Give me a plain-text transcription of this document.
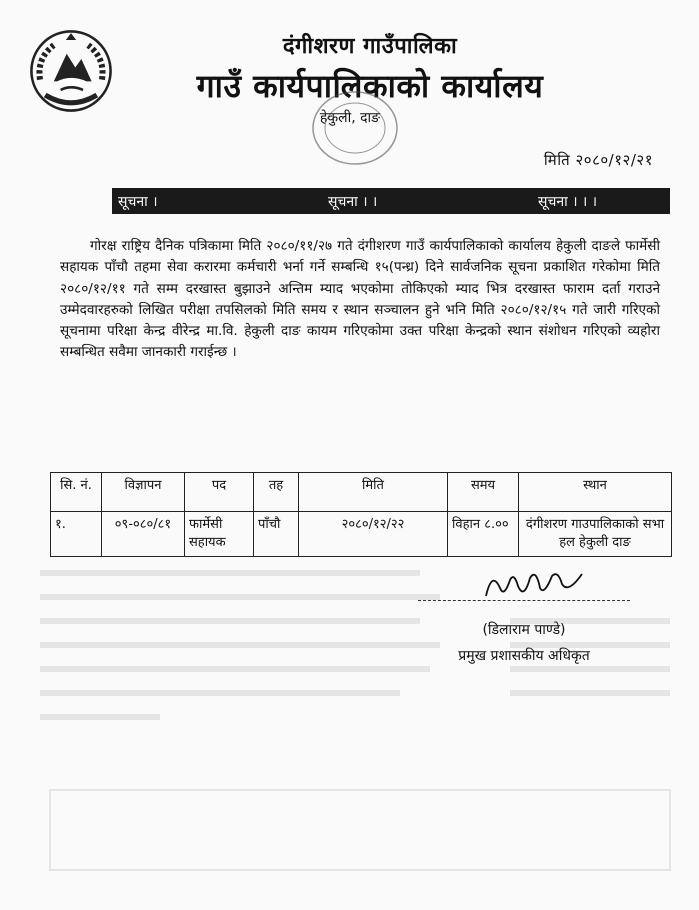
दंगीशरण गाउँपालिका
गाउँ कार्यपालिकाको कार्यालय
हेकुली, दाङ
मिति २०८०/१२/२१
सूचना ।	सूचना । ।	सूचना । । ।

गोरक्ष राष्ट्रिय दैनिक पत्रिकामा मिति २०८०/११/२७ गते दंगीशरण गाउँ कार्यपालिकाको कार्यालय हेकुली दाङले फार्मेसी सहायक पाँचौ तहमा सेवा करारमा कर्मचारी भर्ना गर्ने सम्बन्धि १५(पन्ध्र) दिने सार्वजनिक सूचना प्रकाशित गरेकोमा मिति २०८०/१२/११ गते सम्म दरखास्त बुझाउने अन्तिम म्याद भएकोमा तोकिएको म्याद भित्र दरखास्त फाराम दर्ता गराउने उम्मेदवारहरुको लिखित परीक्षा तपसिलको मिति समय र स्थान सञ्चालन हुने भनि मिति २०८०/१२/१५ गते जारी गरिएको सूचनामा परिक्षा केन्द्र वीरेन्द्र मा.वि. हेकुली दाङ कायम गरिएकोमा उक्त परिक्षा केन्द्रको स्थान संशोधन गरिएको व्यहोरा सम्बन्धित सवैमा जानकारी गराईन्छ ।

सि. नं.	विज्ञापन	पद	तह	मिति	समय	स्थान
१.	०९-०८०/८१	फार्मेसी सहायक	पाँचौ	२०८०/१२/२२	विहान ८.००	दंगीशरण गाउपालिकाको सभा हल हेकुली दाङ
(डिलाराम पाण्डे)
प्रमुख प्रशासकीय अधिकृत
